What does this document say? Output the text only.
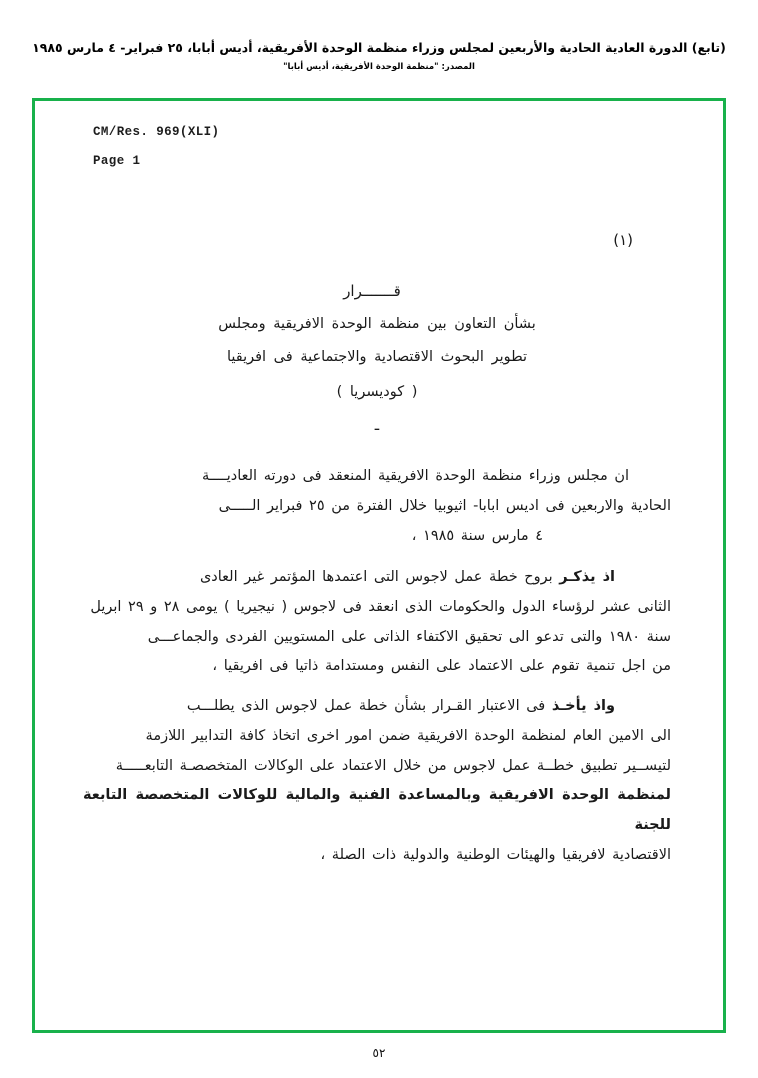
(تابع) الدورة العادية الحادية والأربعين لمجلس وزراء منظمة الوحدة الأفريقية، أديس أبابا، ٢٥ فبراير- ٤ مارس ١٩٨٥
المصدر: "منظمة الوحدة الأفريقية، أديس أبابا"
CM/Res. 969(XLI)
Page 1
(١)
قـــــــرار
بشأن التعاون بين منظمة الوحدة الافريقية ومجلس
تطوير البحوث الاقتصادية والاجتماعية فى افريقيا
( كوديسريا )
ـ
ان مجلس وزراء منظمة الوحدة الافريقية المنعقد فى دورته العاديــــة
الحادية والاربعين فى اديس ابابا- اثيوبيا خلال الفترة من ٢٥ فبراير الـــــى
٤ مارس سنة ١٩٨٥ ،
اذ يذكـر بروح خطة عمل لاجوس التى اعتمدها المؤتمر غير العادى
الثانى عشر لرؤساء الدول والحكومات الذى انعقد فى لاجوس ( نيجيريا ) يومى ٢٨ و ٢٩ ابريل
سنة ١٩٨٠ والتى تدعو الى تحقيق الاكتفاء الذاتى على المستويين الفردى والجماعـــى
من اجل تنمية تقوم على الاعتماد على النفس ومستدامة ذاتيا فى افريقيا ،
واذ يأخـذ فى الاعتبار القـرار بشأن خطة عمل لاجوس الذى يطلـــب
الى الامين العام لمنظمة الوحدة الافريقية ضمن امور اخرى اتخاذ كافة التدابير اللازمة
لتيســير تطبيق خطــة عمل لاجوس من خلال الاعتماد على الوكالات المتخصصـة التابعـــــة
لمنظمة الوحدة الافريقية وبالمساعدة الفنية والمالية للوكالات المتخصصة التابعة للجنة
الاقتصادية لافريقيا والهيئات الوطنية والدولية ذات الصلة ،
٥٢
